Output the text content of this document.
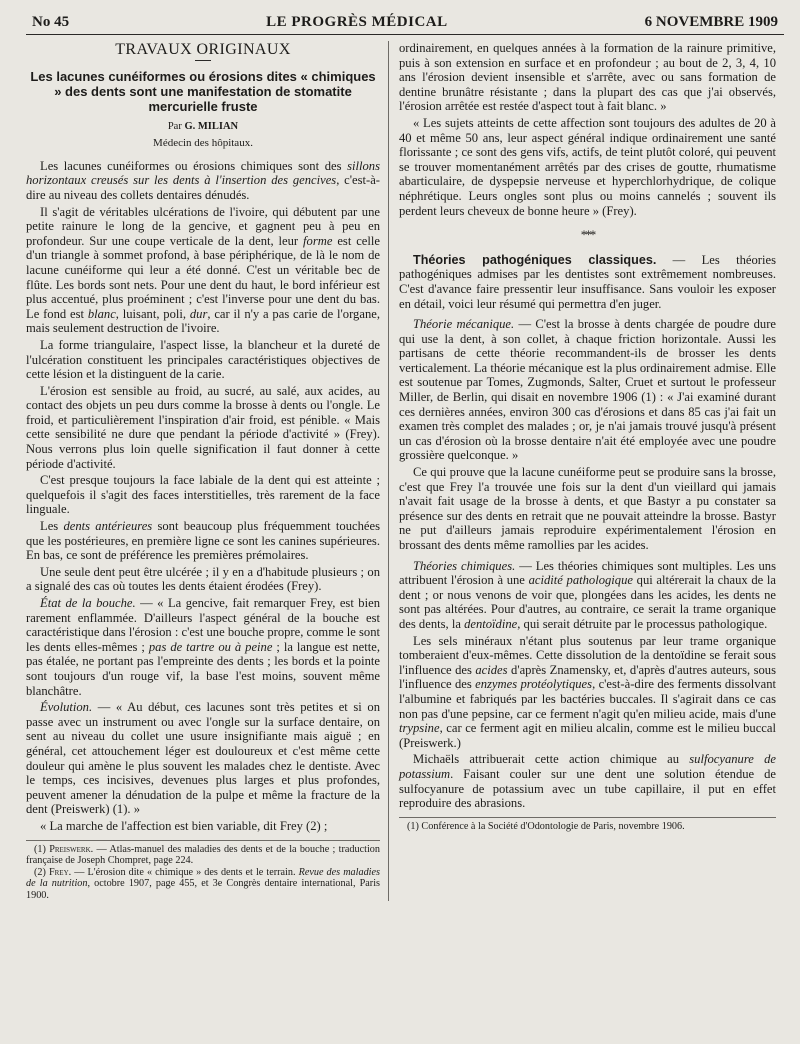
No 45	LE PROGRÈS MÉDICAL	6 NOVEMBRE 1909
TRAVAUX ORIGINAUX
Les lacunes cunéiformes ou érosions dites « chimiques » des dents sont une manifestation de stomatite mercurielle fruste
Par G. MILIAN
Médecin des hôpitaux.

Les lacunes cunéiformes ou érosions chimiques sont des sillons horizontaux creusés sur les dents à l'insertion des gencives, c'est-à-dire au niveau des collets dentaires dénudés.

Il s'agit de véritables ulcérations de l'ivoire, qui débutent par une petite rainure le long de la gencive, et gagnent peu à peu en profondeur. Sur une coupe verticale de la dent, leur forme est celle d'un triangle à sommet profond, à base périphérique, de là le nom de lacune cunéiforme qui leur a été donné. C'est un véritable bec de flûte. Les bords sont nets. Pour une dent du haut, le bord inférieur est plus accentué, plus proéminent ; c'est l'inverse pour une dent du bas. Le fond est blanc, luisant, poli, dur, car il n'y a pas carie de l'organe, mais seulement destruction de l'ivoire.

La forme triangulaire, l'aspect lisse, la blancheur et la dureté de l'ulcération constituent les principales caractéristiques objectives de cette lésion et la distinguent de la carie.

L'érosion est sensible au froid, au sucré, au salé, aux acides, au contact des objets un peu durs comme la brosse à dents ou l'ongle. Le froid, et particulièrement l'inspiration d'air froid, est pénible. « Mais cette sensibilité ne dure que pendant la période d'activité » (Frey). Nous verrons plus loin quelle signification il faut donner à cette période d'activité.

C'est presque toujours la face labiale de la dent qui est atteinte ; quelquefois il s'agit des faces interstitielles, très rarement de la face linguale.

Les dents antérieures sont beaucoup plus fréquemment touchées que les postérieures, en première ligne ce sont les canines supérieures. En bas, ce sont de préférence les premières prémolaires.

Une seule dent peut être ulcérée ; il y en a d'habitude plusieurs ; on a signalé des cas où toutes les dents étaient érodées (Frey).

État de la bouche. — « La gencive, fait remarquer Frey, est bien rarement enflammée. D'ailleurs l'aspect général de la bouche est caractéristique dans l'érosion : c'est une bouche propre, comme le sont les dents elles-mêmes ; pas de tartre ou à peine ; la langue est nette, pas étalée, ne portant pas l'empreinte des dents ; les bords et la pointe sont toujours d'un rouge vif, la base l'est moins, souvent même blanchâtre.

Évolution. — « Au début, ces lacunes sont très petites et si on passe avec un instrument ou avec l'ongle sur la surface dentaire, on sent au niveau du collet une usure insignifiante mais aiguë ; en général, cet attouchement léger est douloureux et c'est même cette douleur qui amène le plus souvent les malades chez le dentiste. Avec le temps, ces incisives, devenues plus larges et plus profondes, peuvent amener la dénudation de la pulpe et même la fracture de la dent (Preiswerk) (1). »

« La marche de l'affection est bien variable, dit Frey (2) ;

(1) Preiswerk. — Atlas-manuel des maladies des dents et de la bouche ; traduction française de Joseph Chompret, page 224.

(2) Frey. — L'érosion dite « chimique » des dents et le terrain. Revue des maladies de la nutrition, octobre 1907, page 455, et 3e Congrès dentaire international, Paris 1900.

ordinairement, en quelques années à la formation de la rainure primitive, puis à son extension en surface et en profondeur ; au bout de 2, 3, 4, 10 ans l'érosion devient insensible et s'arrête, avec ou sans formation de dentine brunâtre résistante ; dans la plupart des cas que j'ai observés, l'érosion arrêtée est restée d'aspect tout à fait blanc. »

« Les sujets atteints de cette affection sont toujours des adultes de 20 à 40 et même 50 ans, leur aspect général indique ordinairement une santé florissante ; ce sont des gens vifs, actifs, de teint plutôt coloré, qui peuvent se trouver momentanément arrêtés par des crises de goutte, rhumatisme abarticulaire, de dyspepsie nerveuse et hyperchlorhydrique, de colique néphrétique. Leurs ongles sont plus ou moins cannelés ; souvent ils perdent leurs cheveux de bonne heure » (Frey).

***

Théories pathogéniques classiques. — Les théories pathogéniques admises par les dentistes sont extrêmement nombreuses. C'est d'avance faire pressentir leur insuffisance. Sans vouloir les exposer en détail, voici leur résumé qui permettra d'en juger.

Théorie mécanique. — C'est la brosse à dents chargée de poudre dure qui use la dent, à son collet, à chaque friction horizontale. Aussi les partisans de cette théorie recommandent-ils de brosser les dents verticalement. La théorie mécanique est la plus ordinairement admise. Elle est soutenue par Tomes, Zugmonds, Salter, Cruet et surtout le professeur Miller, de Berlin, qui disait en novembre 1906 (1) : « J'ai examiné durant ces dernières années, environ 300 cas d'érosions et dans 85 cas j'ai fait un examen très complet des malades ; or, je n'ai jamais trouvé jusqu'à présent un cas d'érosion où la brosse dentaire n'ait été employée avec une poudre grossière quelconque. »

Ce qui prouve que la lacune cunéiforme peut se produire sans la brosse, c'est que Frey l'a trouvée une fois sur la dent d'un vieillard qui jamais n'avait fait usage de la brosse à dents, et que Bastyr a pu constater sa présence sur des dents en retrait que ne pouvait atteindre la brosse. Bastyr ne put d'ailleurs jamais reproduire expérimentalement l'érosion en brossant des dents même ramollies par les acides.

Théories chimiques. — Les théories chimiques sont multiples. Les uns attribuent l'érosion à une acidité pathologique qui altérerait la chaux de la dent ; or nous venons de voir que, plongées dans les acides, les dents ne sont pas altérées. Pour d'autres, au contraire, ce serait la trame organique des dents, la dentoïdine, qui serait détruite par le processus pathologique.

Les sels minéraux n'étant plus soutenus par leur trame organique tomberaient d'eux-mêmes. Cette dissolution de la dentoïdine se ferait sous l'influence des acides d'après Znamensky, et, d'après d'autres auteurs, sous l'influence des enzymes protéolytiques, c'est-à-dire des ferments dissolvant l'albumine et fabriqués par les bactéries buccales. Il s'agirait dans ce cas non pas d'une pepsine, car ce ferment n'agit qu'en milieu acide, mais d'une trypsine, car ce ferment agit en milieu alcalin, comme est le milieu buccal (Preiswerk.)

Michaëls attribuerait cette action chimique au sulfocyanure de potassium. Faisant couler sur une dent une solution étendue de sulfocyanure de potassium avec un tube capillaire, il put en effet reproduire des abrasions.

(1) Conférence à la Société d'Odontologie de Paris, novembre 1906.
